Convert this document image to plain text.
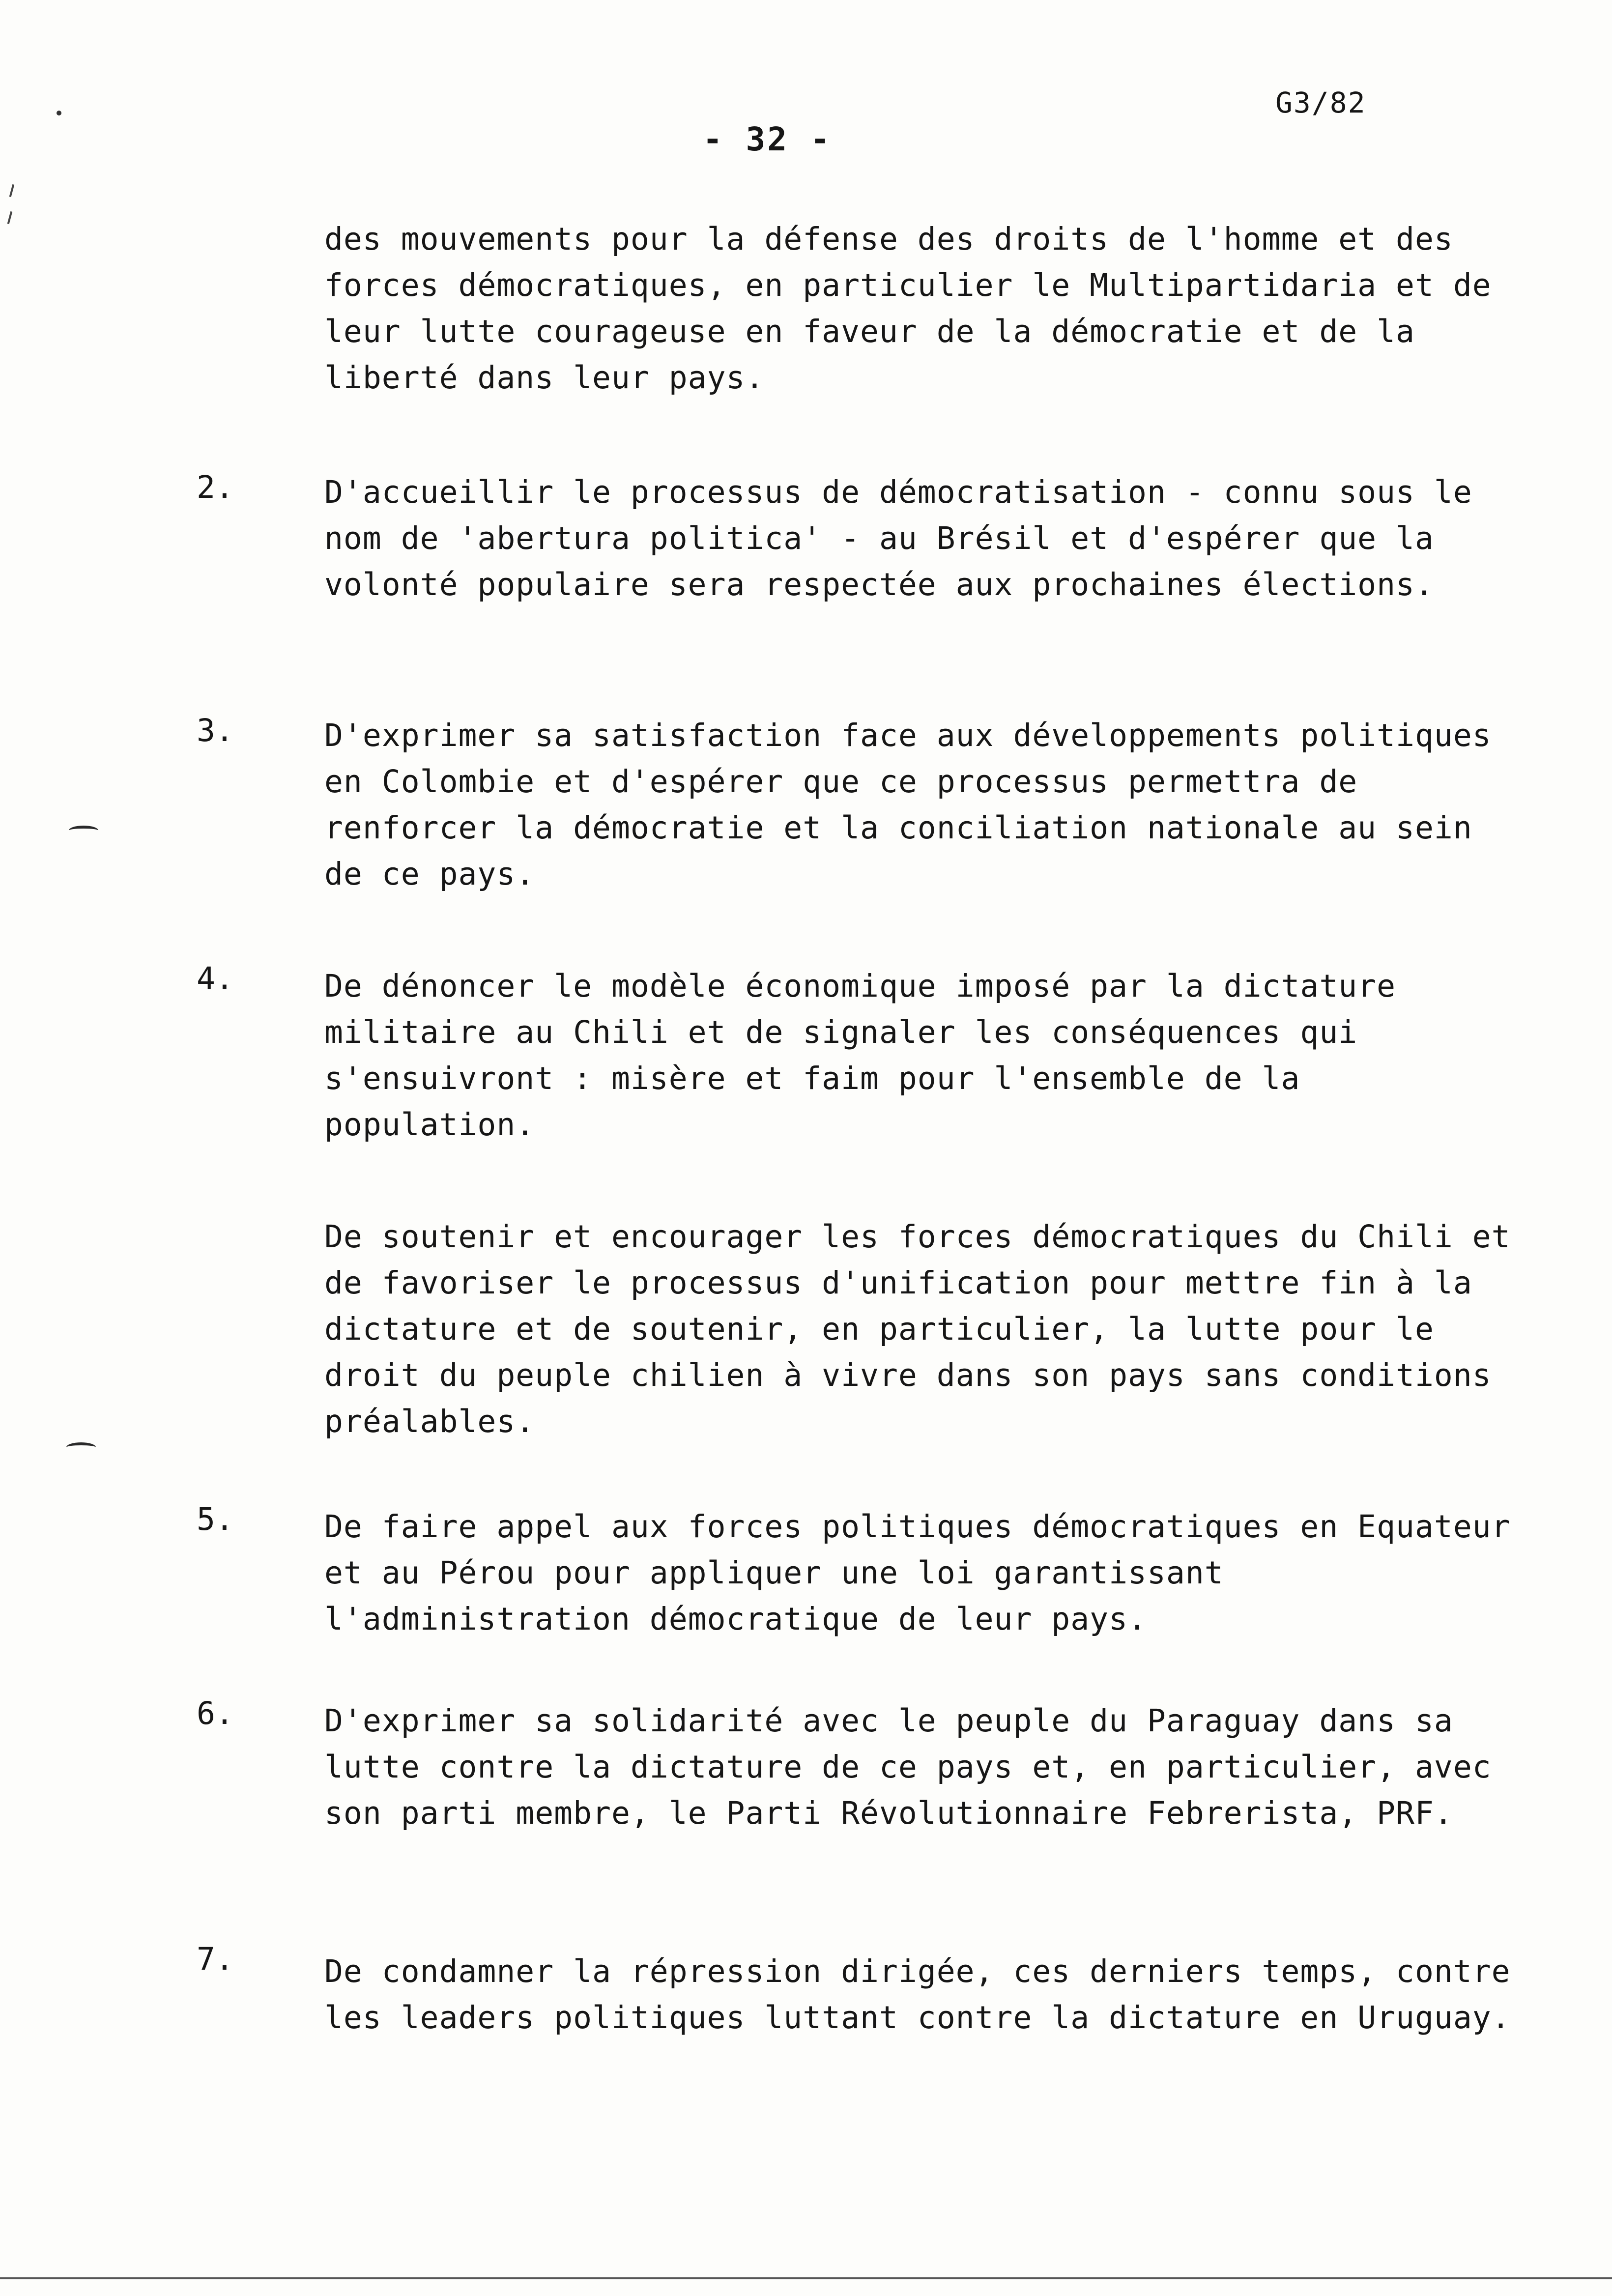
G3/82
- 32 -

des mouvements pour la défense des droits de l'homme et des forces démocratiques, en particulier le Multipartidaria et de leur lutte courageuse en faveur de la démocratie et de la liberté dans leur pays.

2.	D'accueillir le processus de démocratisation - connu sous le nom de 'abertura politica' - au Brésil et d'espérer que la volonté populaire sera respectée aux prochaines élections.

3.	D'exprimer sa satisfaction face aux développements politiques en Colombie et d'espérer que ce processus permettra de renforcer la démocratie et la conciliation nationale au sein de ce pays.

4.	De dénoncer le modèle économique imposé par la dictature militaire au Chili et de signaler les conséquences qui s'ensuivront : misère et faim pour l'ensemble de la population.

De soutenir et encourager les forces démocratiques du Chili et de favoriser le processus d'unification pour mettre fin à la dictature et de soutenir, en particulier, la lutte pour le droit du peuple chilien à vivre dans son pays sans conditions préalables.

5.	De faire appel aux forces politiques démocratiques en Equateur et au Pérou pour appliquer une loi garantissant l'administration démocratique de leur pays.

6.	D'exprimer sa solidarité avec le peuple du Paraguay dans sa lutte contre la dictature de ce pays et, en particulier, avec son parti membre, le Parti Révolutionnaire Febrerista, PRF.

7.	De condamner la répression dirigée, ces derniers temps, contre les leaders politiques luttant contre la dictature en Uruguay.
